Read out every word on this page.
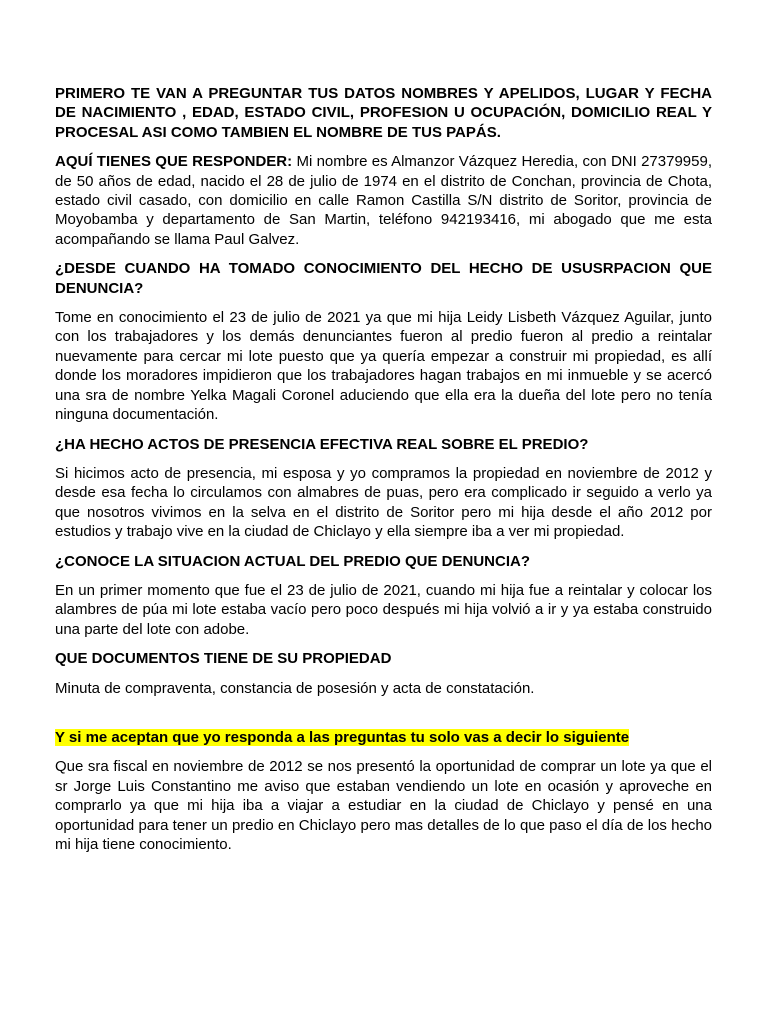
PRIMERO TE VAN A PREGUNTAR TUS DATOS NOMBRES Y APELIDOS, LUGAR Y FECHA DE NACIMIENTO , EDAD, ESTADO CIVIL, PROFESION U OCUPACIÓN, DOMICILIO REAL Y PROCESAL ASI COMO TAMBIEN EL NOMBRE DE TUS PAPÁS.

AQUÍ TIENES QUE RESPONDER: Mi nombre es Almanzor Vázquez Heredia, con DNI 27379959, de 50 años de edad, nacido el 28 de julio de 1974 en el distrito de Conchan, provincia de Chota, estado civil casado, con domicilio en calle Ramon Castilla S/N distrito de Soritor, provincia de Moyobamba y departamento de San Martin, teléfono 942193416, mi abogado que me esta acompañando se llama Paul Galvez.

¿DESDE CUANDO HA TOMADO CONOCIMIENTO DEL HECHO DE USUSRPACION QUE DENUNCIA?

Tome en conocimiento el 23 de julio de 2021 ya que mi hija Leidy Lisbeth Vázquez Aguilar, junto con los trabajadores y los demás denunciantes fueron al predio fueron al predio a reintalar nuevamente para cercar mi lote puesto que ya quería empezar a construir mi propiedad, es allí donde los moradores impidieron que los trabajadores hagan trabajos en mi inmueble y se acercó una sra de nombre Yelka Magali Coronel aduciendo que ella era la dueña del lote pero no tenía ninguna documentación.

¿HA HECHO ACTOS DE PRESENCIA EFECTIVA REAL SOBRE EL PREDIO?

Si hicimos acto de presencia, mi esposa y yo compramos la propiedad en noviembre de 2012 y desde esa fecha lo circulamos con almabres de puas, pero era complicado ir seguido a verlo ya que nosotros vivimos en la selva en el distrito de Soritor pero mi hija desde el año 2012 por estudios y trabajo vive en la ciudad de Chiclayo y ella siempre iba a ver mi propiedad.

¿CONOCE LA SITUACION ACTUAL DEL PREDIO QUE DENUNCIA?

En un primer momento que fue el 23 de julio de 2021, cuando mi hija fue a reintalar y colocar los alambres de púa mi lote estaba vacío pero poco después mi hija volvió a ir y ya estaba construido una parte del lote con adobe.

QUE DOCUMENTOS TIENE DE SU PROPIEDAD

Minuta de compraventa, constancia de posesión y acta de constatación.

Y si me aceptan que yo responda a las preguntas tu solo vas a decir lo siguiente

Que sra fiscal en noviembre de 2012 se nos presentó la oportunidad de comprar un lote ya que el sr Jorge Luis Constantino me aviso que estaban vendiendo un lote en ocasión y aproveche en comprarlo ya que mi hija iba a viajar a estudiar en la ciudad de Chiclayo y pensé en una oportunidad para tener un predio en Chiclayo pero mas detalles de lo que paso el día de los hecho mi hija tiene conocimiento.
